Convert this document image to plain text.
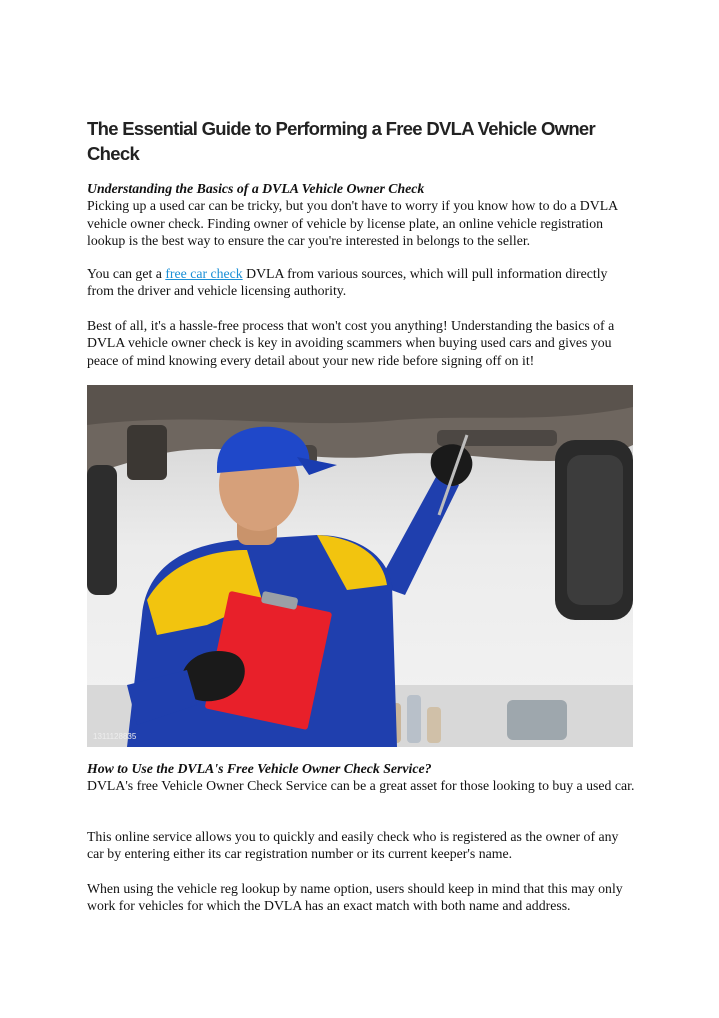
The Essential Guide to Performing a Free DVLA Vehicle Owner Check

Understanding the Basics of a DVLA Vehicle Owner Check
Picking up a used car can be tricky, but you don't have to worry if you know how to do a DVLA vehicle owner check. Finding owner of vehicle by license plate, an online vehicle registration lookup is the best way to ensure the car you're interested in belongs to the seller.

You can get a free car check DVLA from various sources, which will pull information directly from the driver and vehicle licensing authority.

Best of all, it's a hassle-free process that won't cost you anything! Understanding the basics of a DVLA vehicle owner check is key in avoiding scammers when buying used cars and gives you peace of mind knowing every detail about your new ride before signing off on it!

1311128835

How to Use the DVLA's Free Vehicle Owner Check Service?
DVLA's free Vehicle Owner Check Service can be a great asset for those looking to buy a used car.

This online service allows you to quickly and easily check who is registered as the owner of any car by entering either its car registration number or its current keeper's name.

When using the vehicle reg lookup by name option, users should keep in mind that this may only work for vehicles for which the DVLA has an exact match with both name and address.
